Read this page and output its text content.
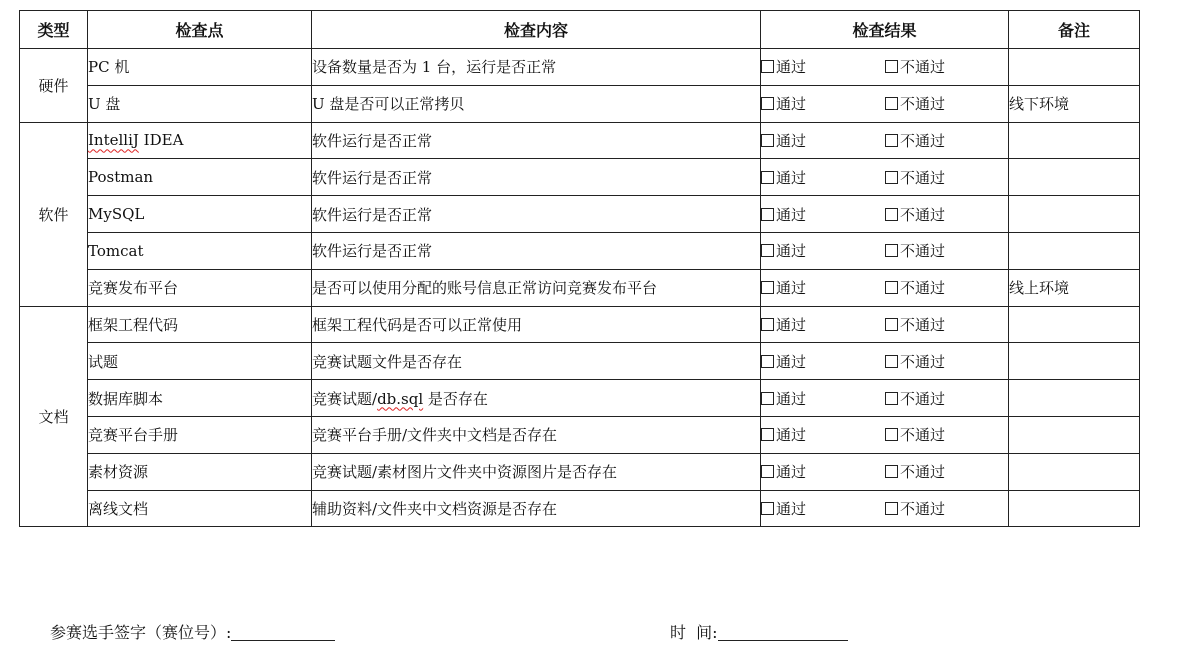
类型	检查点	检查内容	检查结果	备注
硬件	PC 机	设备数量是否为 1 台，运行是否正常	通过 不通过	
	U 盘	U 盘是否可以正常拷贝	通过 不通过	线下环境
软件	IntelliJ IDEA	软件运行是否正常	通过 不通过	
	Postman	软件运行是否正常	通过 不通过	
	MySQL	软件运行是否正常	通过 不通过	
	Tomcat	软件运行是否正常	通过 不通过	
	竞赛发布平台	是否可以使用分配的账号信息正常访问竞赛发布平台	通过 不通过	线上环境
文档	框架工程代码	框架工程代码是否可以正常使用	通过 不通过	
	试题	竞赛试题文件是否存在	通过 不通过	
	数据库脚本	竞赛试题/db.sql 是否存在	通过 不通过	
	竞赛平台手册	竞赛平台手册/文件夹中文档是否存在	通过 不通过	
	素材资源	竞赛试题/素材图片文件夹中资源图片是否存在	通过 不通过	
	离线文档	辅助资料/文件夹中文档资源是否存在	通过 不通过	
参赛选手签字（赛位号）:	时  间:
